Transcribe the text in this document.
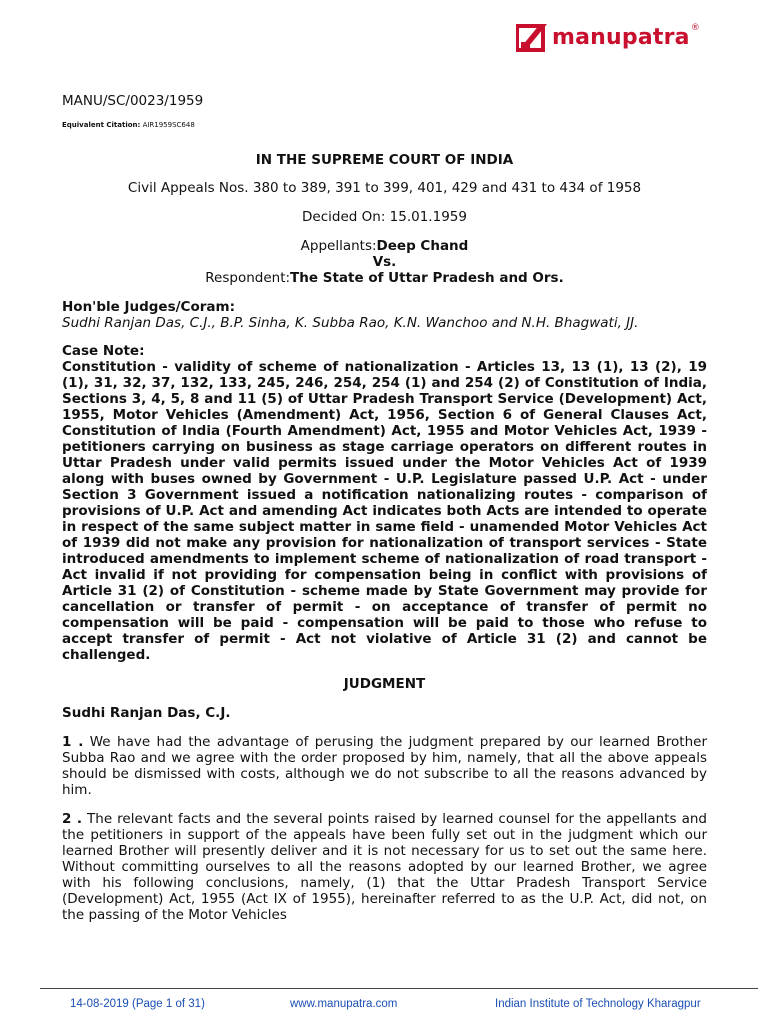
manupatra ®
MANU/SC/0023/1959
Equivalent Citation: AIR1959SC648
IN THE SUPREME COURT OF INDIA
Civil Appeals Nos. 380 to 389, 391 to 399, 401, 429 and 431 to 434 of 1958
Decided On: 15.01.1959
Appellants:Deep Chand
Vs.
Respondent:The State of Uttar Pradesh and Ors.
Hon'ble Judges/Coram:
Sudhi Ranjan Das, C.J., B.P. Sinha, K. Subba Rao, K.N. Wanchoo and N.H. Bhagwati, JJ.
Case Note:
Constitution - validity of scheme of nationalization - Articles 13, 13 (1), 13 (2), 19 (1), 31, 32, 37, 132, 133, 245, 246, 254, 254 (1) and 254 (2) of Constitution of India, Sections 3, 4, 5, 8 and 11 (5) of Uttar Pradesh Transport Service (Development) Act, 1955, Motor Vehicles (Amendment) Act, 1956, Section 6 of General Clauses Act, Constitution of India (Fourth Amendment) Act, 1955 and Motor Vehicles Act, 1939 - petitioners carrying on business as stage carriage operators on different routes in Uttar Pradesh under valid permits issued under the Motor Vehicles Act of 1939 along with buses owned by Government - U.P. Legislature passed U.P. Act - under Section 3 Government issued a notification nationalizing routes - comparison of provisions of U.P. Act and amending Act indicates both Acts are intended to operate in respect of the same subject matter in same field - unamended Motor Vehicles Act of 1939 did not make any provision for nationalization of transport services - State introduced amendments to implement scheme of nationalization of road transport - Act invalid if not providing for compensation being in conflict with provisions of Article 31 (2) of Constitution - scheme made by State Government may provide for cancellation or transfer of permit - on acceptance of transfer of permit no compensation will be paid - compensation will be paid to those who refuse to accept transfer of permit - Act not violative of Article 31 (2) and cannot be challenged.
JUDGMENT
Sudhi Ranjan Das, C.J.
1 . We have had the advantage of perusing the judgment prepared by our learned Brother Subba Rao and we agree with the order proposed by him, namely, that all the above appeals should be dismissed with costs, although we do not subscribe to all the reasons advanced by him.
2 . The relevant facts and the several points raised by learned counsel for the appellants and the petitioners in support of the appeals have been fully set out in the judgment which our learned Brother will presently deliver and it is not necessary for us to set out the same here. Without committing ourselves to all the reasons adopted by our learned Brother, we agree with his following conclusions, namely, (1) that the Uttar Pradesh Transport Service (Development) Act, 1955 (Act IX of 1955), hereinafter referred to as the U.P. Act, did not, on the passing of the Motor Vehicles
14-08-2019 (Page 1 of 31)	www.manupatra.com	Indian Institute of Technology Kharagpur
